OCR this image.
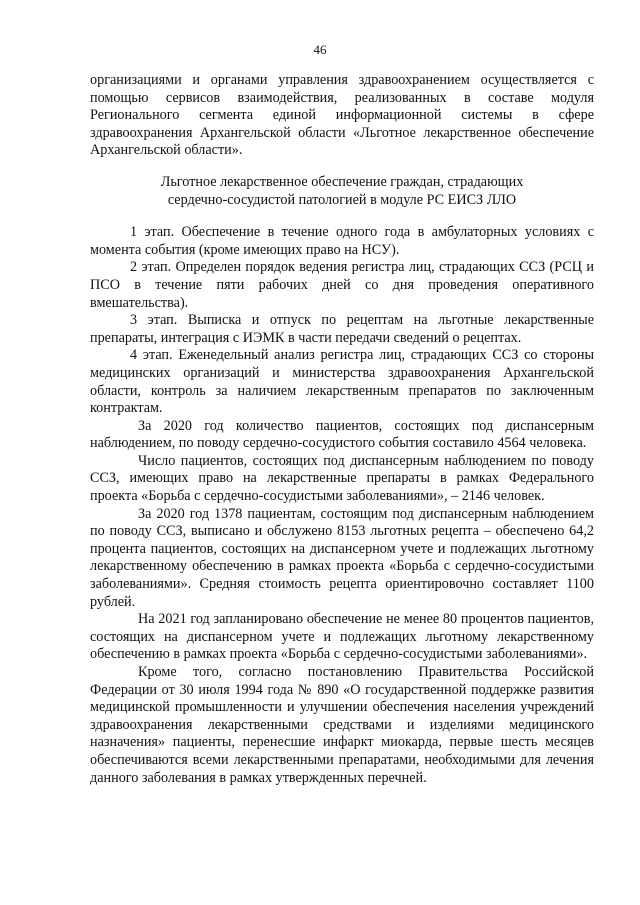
46

организациями и органами управления здравоохранением осуществляется с помощью сервисов взаимодействия, реализованных в составе модуля Регионального сегмента единой информационной системы в сфере здравоохранения Архангельской области «Льготное лекарственное обеспечение Архангельской области».

Льготное лекарственное обеспечение граждан, страдающих
сердечно-сосудистой патологией в модуле РС ЕИСЗ ЛЛО

1 этап. Обеспечение в течение одного года в амбулаторных условиях с момента события (кроме имеющих право на НСУ).

2 этап. Определен порядок ведения регистра лиц, страдающих ССЗ (РСЦ и ПСО в течение пяти рабочих дней со дня проведения оперативного вмешательства).

3 этап. Выписка и отпуск по рецептам на льготные лекарственные препараты, интеграция с ИЭМК в части передачи сведений о рецептах.

4 этап. Еженедельный анализ регистра лиц, страдающих ССЗ со стороны медицинских организаций и министерства здравоохранения Архангельской области, контроль за наличием лекарственным препаратов по заключенным контрактам.

За 2020 год количество пациентов, состоящих под диспансерным наблюдением, по поводу сердечно-сосудистого события составило 4564 человека.

Число пациентов, состоящих под диспансерным наблюдением по поводу ССЗ, имеющих право на лекарственные препараты в рамках Федерального проекта «Борьба с сердечно-сосудистыми заболеваниями», – 2146 человек.

За 2020 год 1378 пациентам, состоящим под диспансерным наблюдением по поводу ССЗ, выписано и обслужено 8153 льготных рецепта – обеспечено 64,2 процента пациентов, состоящих на диспансерном учете и подлежащих льготному лекарственному обеспечению в рамках проекта «Борьба с сердечно-сосудистыми заболеваниями». Средняя стоимость рецепта ориентировочно составляет 1100 рублей.

На 2021 год запланировано обеспечение не менее 80 процентов пациентов, состоящих на диспансерном учете и подлежащих льготному лекарственному обеспечению в рамках проекта «Борьба с сердечно-сосудистыми заболеваниями».

Кроме того, согласно постановлению Правительства Российской Федерации от 30 июля 1994 года № 890 «О государственной поддержке развития медицинской промышленности и улучшении обеспечения населения учреждений здравоохранения лекарственными средствами и изделиями медицинского назначения» пациенты, перенесшие инфаркт миокарда, первые шесть месяцев обеспечиваются всеми лекарственными препаратами, необходимыми для лечения данного заболевания в рамках утвержденных перечней.
